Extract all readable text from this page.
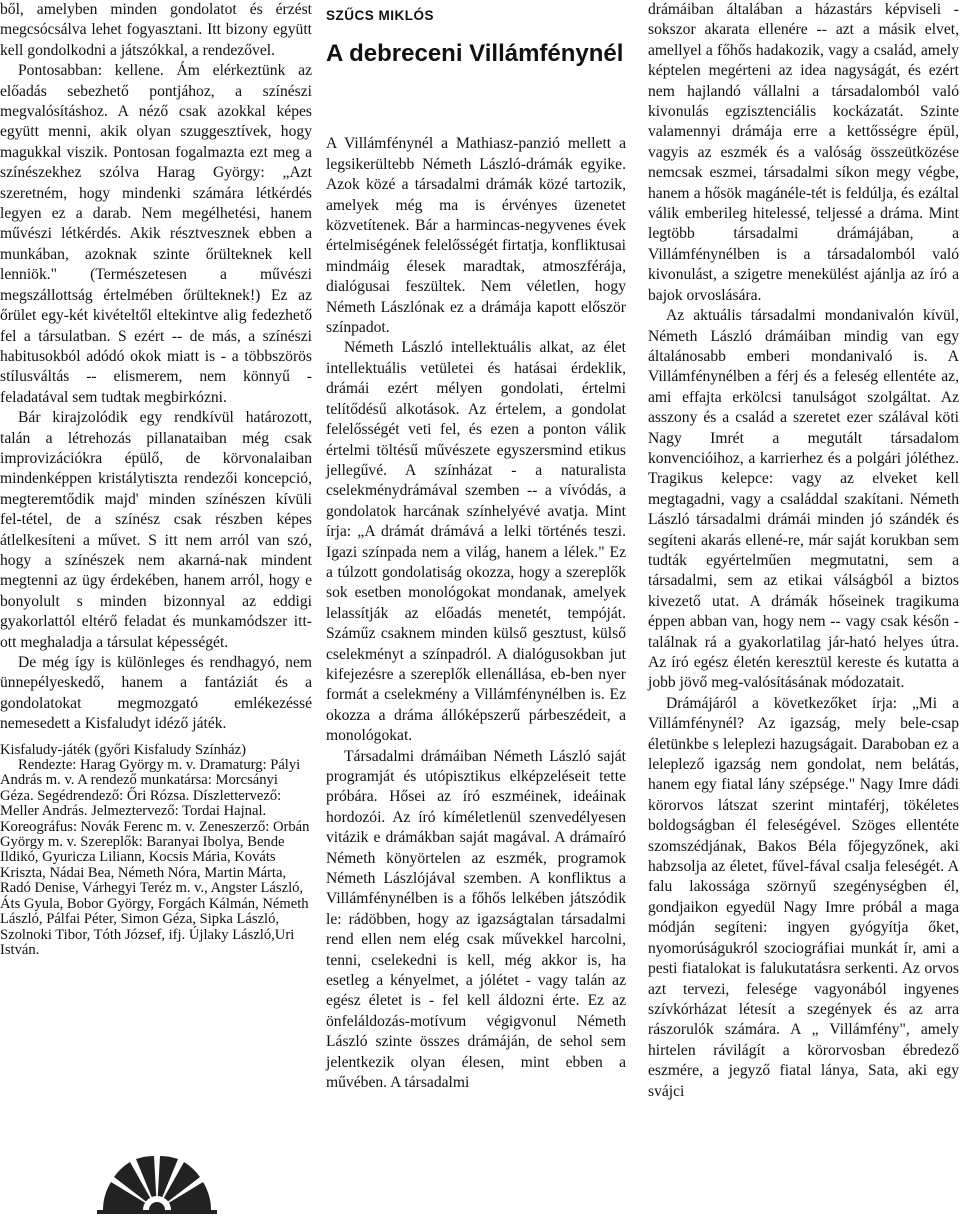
ből, amelyben minden gondolatot és érzést megcsócsálva lehet fogyasztani. Itt bizony együtt kell gondolkodni a játszókkal, a rendezővel.

Pontosabban: kellene. Ám elérkeztünk az előadás sebezhető pontjához, a színészi megvalósításhoz. A néző csak azokkal képes együtt menni, akik olyan szuggesztívek, hogy magukkal viszik. Pontosan fogalmazta ezt meg a színészekhez szólva Harag György: „Azt szeretném, hogy mindenki számára létkérdés legyen ez a darab. Nem megélhetési, hanem művészi létkérdés. Akik résztvesznek ebben a munkában, azoknak szinte őrülteknek kell lenniök." (Természetesen a művészi megszállottság értelmében őrülteknek!) Ez az őrület egy-két kivételtől eltekintve alig fedezhető fel a társulatban. S ezért -- de más, a színészi habitusokból adódó okok miatt is - a többszörös stílusváltás -- elismerem, nem könnyű - feladatával sem tudtak megbirkózni.

Bár kirajzolódik egy rendkívül határozott, talán a létrehozás pillanataiban még csak improvizációkra épülő, de körvonalaiban mindenképpen kristálytiszta rendezői koncepció, megteremtődik majd' minden színészen kívüli fel-tétel, de a színész csak részben képes átlelkesíteni a művet. S itt nem arról van szó, hogy a színészek nem akarná-nak mindent megtenni az ügy érdekében, hanem arról, hogy e bonyolult s minden bizonnyal az eddigi gyakorlattól eltérő feladat és munkamódszer itt-ott meghaladja a társulat képességét.

De még így is különleges és rendhagyó, nem ünnepélyeskedő, hanem a fantáziát és a gondolatokat megmozgató emlékezéssé nemesedett a Kisfaludyt idéző játék.

Kisfaludy-játék (győri Kisfaludy Színház)

Rendezte: Harag György m. v. Dramaturg: Pályi András m. v. A rendező munkatársa: Morcsányi Géza. Segédrendező: Őri Rózsa. Díszlettervező: Meller András. Jelmeztervező: Tordai Hajnal. Koreográfus: Novák Ferenc m. v. Zeneszerző: Orbán György m. v. Szereplők: Baranyai Ibolya, Bende Ildikó, Gyuricza Liliann, Kocsis Mária, Kováts Kriszta, Nádai Bea, Németh Nóra, Martin Márta, Radó Denise, Várhegyi Teréz m. v., Angster László, Áts Gyula, Bobor György, Forgách Kálmán, Németh László, Pálfai Péter, Simon Géza, Sipka László, Szolnoki Tibor, Tóth József, ifj. Újlaky László,Uri István.

SZŰCS MIKLÓS
A debreceni Villámfénynél

A Villámfénynél a Mathiasz-panzió mellett a legsikerültebb Németh László-drámák egyike. Azok közé a társadalmi drámák közé tartozik, amelyek még ma is érvényes üzenetet közvetítenek. Bár a harmincas-negyvenes évek értelmiségének felelősségét firtatja, konfliktusai mindmáig élesek maradtak, atmoszférája, dialógusai feszültek. Nem véletlen, hogy Németh Lászlónak ez a drámája kapott először színpadot.

Németh László intellektuális alkat, az élet intellektuális vetületei és hatásai érdeklik, drámái ezért mélyen gondolati, értelmi telítődésű alkotások. Az értelem, a gondolat felelősségét veti fel, és ezen a ponton válik értelmi töltésű művészete egyszersmind etikus jellegűvé. A színházat - a naturalista cselekménydrámával szemben -- a vívódás, a gondolatok harcának színhelyévé avatja. Mint írja: „A drámát drámává a lelki történés teszi. Igazi színpada nem a világ, hanem a lélek." Ez a túlzott gondolatiság okozza, hogy a szereplők sok esetben monológokat mondanak, amelyek lelassítják az előadás menetét, tempóját. Száműz csaknem minden külső gesztust, külső cselekményt a színpadról. A dialógusokban jut kifejezésre a szereplők ellenállása, eb-ben nyer formát a cselekmény a Villámfénynélben is. Ez okozza a dráma állóképszerű párbeszédeit, a monológokat.

Társadalmi drámáiban Németh László saját programját és utópisztikus elképzeléseit tette próbára. Hősei az író eszméinek, ideáinak hordozói. Az író kíméletlenül szenvedélyesen vitázik e drámákban saját magával. A drámaíró Németh könyörtelen az eszmék, programok Németh Lászlójával szemben. A konfliktus a Villámfénynélben is a főhős lelkében játszódik le: rádöbben, hogy az igazságtalan társadalmi rend ellen nem elég csak művekkel harcolni, tenni, cselekedni is kell, még akkor is, ha esetleg a kényelmet, a jólétet - vagy talán az egész életet is - fel kell áldozni érte. Ez az önfeláldozás-motívum végigvonul Németh László szinte összes drámáján, de sehol sem jelentkezik olyan élesen, mint ebben a művében. A társadalmi

drámáiban általában a házastárs képviseli - sokszor akarata ellenére -- azt a másik elvet, amellyel a főhős hadakozik, vagy a család, amely képtelen megérteni az idea nagyságát, és ezért nem hajlandó vállalni a társadalomból való kivonulás egzisztenciális kockázatát. Szinte valamennyi drámája erre a kettősségre épül, vagyis az eszmék és a valóság összeütközése nemcsak eszmei, társadalmi síkon megy végbe, hanem a hősök magánéle-tét is feldúlja, és ezáltal válik emberileg hitelessé, teljessé a dráma. Mint legtöbb társadalmi drámájában, a Villámfénynélben is a társadalomból való kivonulást, a szigetre menekülést ajánlja az író a bajok orvoslására.

Az aktuális társadalmi mondanivalón kívül, Németh László drámáiban mindig van egy általánosabb emberi mondanivaló is. A Villámfénynélben a férj és a feleség ellentéte az, ami effajta erkölcsi tanulságot szolgáltat. Az asszony és a család a szeretet ezer szálával köti Nagy Imrét a megutált társadalom konvencióihoz, a karrierhez és a polgári jóléthez. Tragikus kelepce: vagy az elveket kell megtagadni, vagy a családdal szakítani. Németh László társadalmi drámái minden jó szándék és segíteni akarás ellené-re, már saját korukban sem tudták egyértelműen megmutatni, sem a társadalmi, sem az etikai válságból a biztos kivezető utat. A drámák hőseinek tragikuma éppen abban van, hogy nem -- vagy csak későn - találnak rá a gyakorlatilag jár-ható helyes útra. Az író egész életén keresztül kereste és kutatta a jobb jövő meg-valósításának módozatait.

Drámájáról a következőket írja: „Mi a Villámfénynél? Az igazság, mely bele-csap életünkbe s leleplezi hazugságait. Daraboban ez a leleplező igazság nem gondolat, nem belátás, hanem egy fiatal lány szépsége." Nagy Imre dádi körorvos látszat szerint mintaférj, tökéletes boldogságban él feleségével. Szöges ellentéte szomszédjának, Bakos Béla főjegyzőnek, aki habzsolja az életet, fűvel-fával csalja feleségét. A falu lakossága szörnyű szegénységben él, gondjaikon egyedül Nagy Imre próbál a maga módján segíteni: ingyen gyógyítja őket, nyomorúságukról szociográfiai munkát ír, ami a pesti fiatalokat is falukutatásra serkenti. Az orvos azt tervezi, felesége vagyonából ingyenes szívkórházat létesít a szegények és az arra rászorulók számára. A „ Villámfény", amely hirtelen rávilágít a körorvosban ébredező eszmére, a jegyző fiatal lánya, Sata, aki egy svájci
